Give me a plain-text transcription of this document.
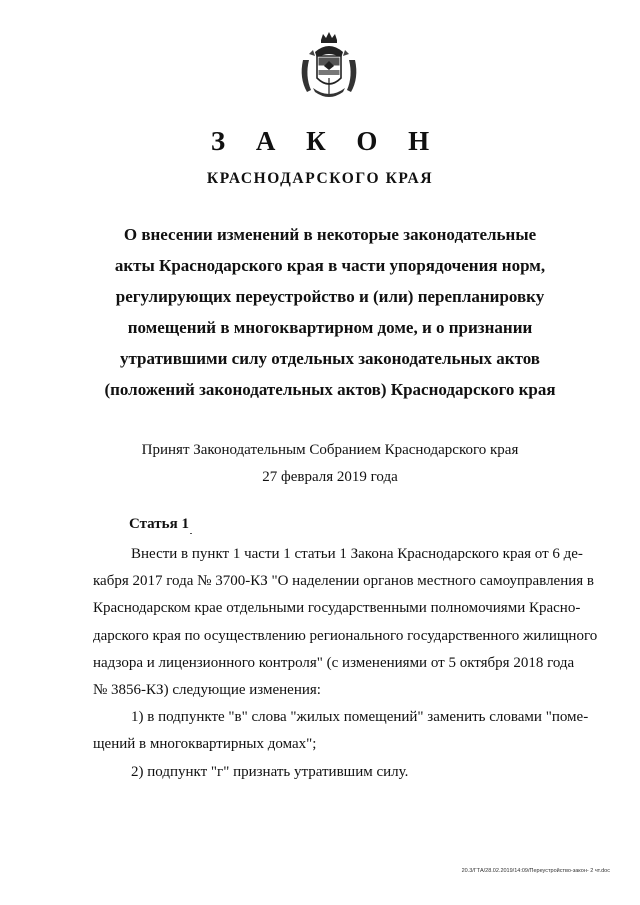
З А К О Н
КРАСНОДАРСКОГО КРАЯ
О внесении изменений в некоторые законодательные
акты Краснодарского края в части упорядочения норм,
регулирующих переустройство и (или) перепланировку
помещений в многоквартирном доме, и о признании
утратившими силу отдельных законодательных актов
(положений законодательных актов) Краснодарского края
Принят Законодательным Собранием Краснодарского края
27 февраля 2019 года
Статья 1
Внести в пункт 1 части 1 статьи 1 Закона Краснодарского края от 6 де-
кабря 2017 года № 3700-КЗ "О наделении органов местного самоуправления в
Краснодарском крае отдельными государственными полномочиями Красно-
дарского края по осуществлению регионального государственного жилищного
надзора и лицензионного контроля" (с изменениями от 5 октября 2018 года
№ 3856-КЗ) следующие изменения:
1) в подпункте "в" слова "жилых помещений" заменить словами "поме-
щений в многоквартирных домах";
2) подпункт "г" признать утратившим силу.
20.3/ГТА/28.02.2019/14:09/Переустройство-закон- 2 чт.doc
